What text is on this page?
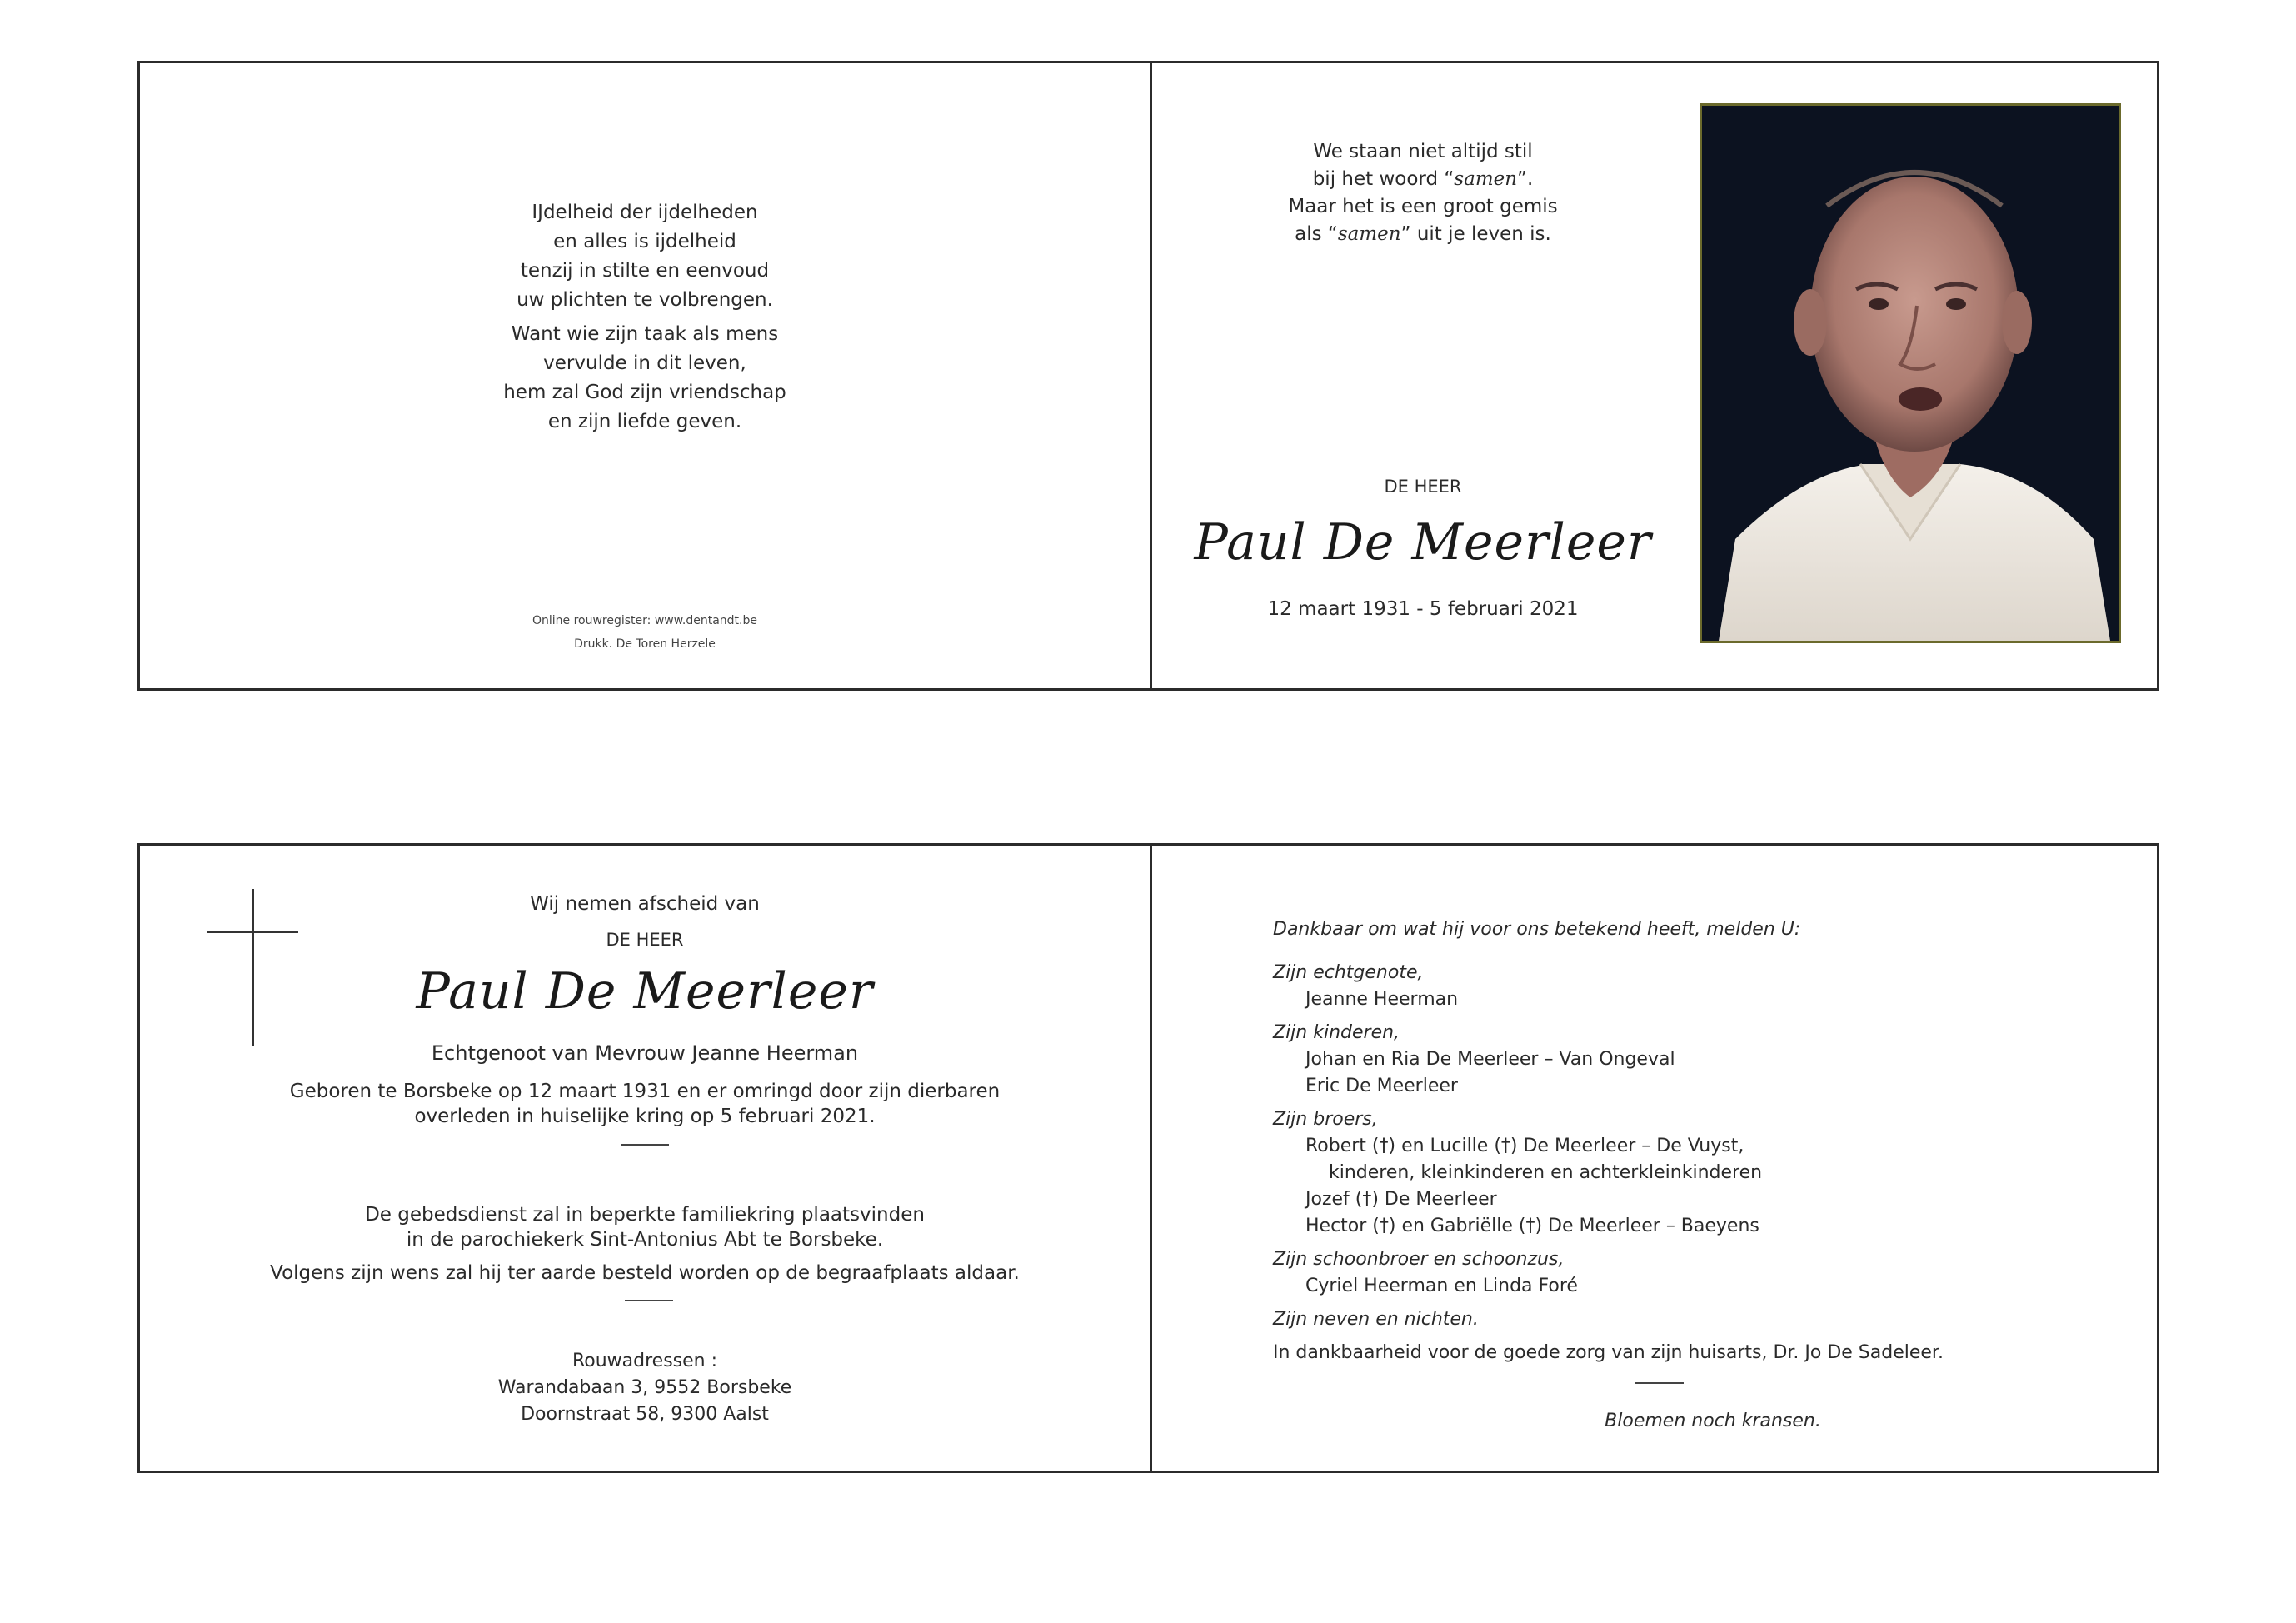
IJdelheid der ijdelheden
en alles is ijdelheid
tenzij in stilte en eenvoud
uw plichten te volbrengen.
Want wie zijn taak als mens
vervulde in dit leven,
hem zal God zijn vriendschap
en zijn liefde geven.
Online rouwregister: www.dentandt.be
Drukk. De Toren Herzele
We staan niet altijd stil
bij het woord “samen”.
Maar het is een groot gemis
als “samen” uit je leven is.
DE HEER
Paul De Meerleer
12 maart 1931 - 5 februari 2021
Wij nemen afscheid van
DE HEER
Paul De Meerleer
Echtgenoot van Mevrouw Jeanne Heerman
Geboren te Borsbeke op 12 maart 1931 en er omringd door zijn dierbaren
overleden in huiselijke kring op 5 februari 2021.
De gebedsdienst zal in beperkte familiekring plaatsvinden
in de parochiekerk Sint-Antonius Abt te Borsbeke.
Volgens zijn wens zal hij ter aarde besteld worden op de begraafplaats aldaar.
Rouwadressen :
Warandabaan 3, 9552 Borsbeke
Doornstraat 58, 9300 Aalst
Dankbaar om wat hij voor ons betekend heeft, melden U:
Zijn echtgenote,
Jeanne Heerman
Zijn kinderen,
Johan en Ria De Meerleer – Van Ongeval
Eric De Meerleer
Zijn broers,
Robert (†) en Lucille (†) De Meerleer – De Vuyst,
kinderen, kleinkinderen en achterkleinkinderen
Jozef (†) De Meerleer
Hector (†) en Gabriëlle (†) De Meerleer – Baeyens
Zijn schoonbroer en schoonzus,
Cyriel Heerman en Linda Foré
Zijn neven en nichten.
In dankbaarheid voor de goede zorg van zijn huisarts, Dr. Jo De Sadeleer.
Bloemen noch kransen.
